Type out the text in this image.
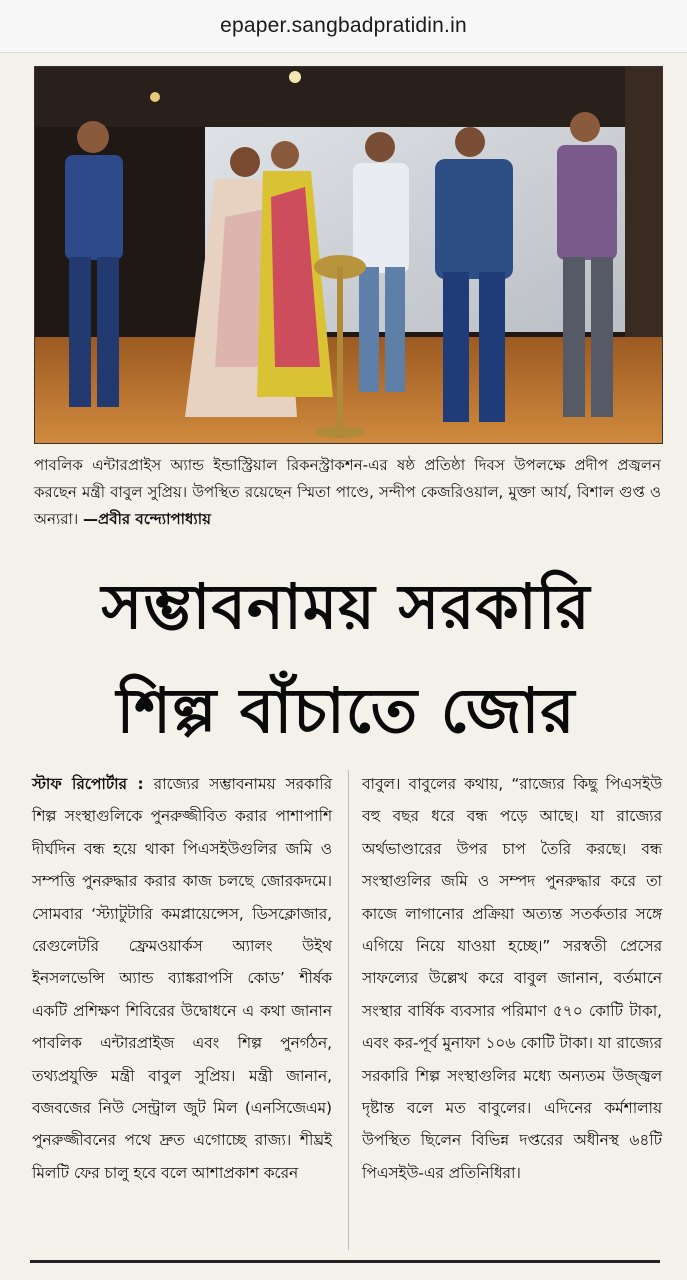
epaper.sangbadpratidin.in
পাবলিক এন্টারপ্রাইস অ্যান্ড ইন্ডাস্ট্রিয়াল রিকনস্ট্রাকশন-এর ষষ্ঠ প্রতিষ্ঠা দিবস উপলক্ষে প্রদীপ প্রজ্বলন করছেন মন্ত্রী বাবুল সুপ্রিয়। উপস্থিত রয়েছেন স্মিতা পাণ্ডে, সন্দীপ কেজরিওয়াল, মুক্তা আর্য, বিশাল গুপ্ত ও অন্যরা। —প্রবীর বন্দ্যোপাধ্যায়
সম্ভাবনাময় সরকারি
শিল্প বাঁচাতে জোর
স্টাফ রিপোর্টার : রাজ্যের সম্ভাবনাময় সরকারি শিল্প সংস্থাগুলিকে পুনরুজ্জীবিত করার পাশাপাশি দীর্ঘদিন বন্ধ হয়ে থাকা পিএসইউগুলির জমি ও সম্পত্তি পুনরুদ্ধার করার কাজ চলছে জোরকদমে। সোমবার ‘স্ট্যাটুটারি কমপ্লায়েন্সেস, ডিসক্লোজার, রেগুলেটরি ফ্রেমওয়ার্কস অ্যালং উইথ ইনসলভেন্সি অ্যান্ড ব্যাঙ্করাপসি কোড’ শীর্ষক একটি প্রশিক্ষণ শিবিরের উদ্বোধনে এ কথা জানান পাবলিক এন্টারপ্রাইজ এবং শিল্প পুনর্গঠন, তথ্যপ্রযুক্তি মন্ত্রী বাবুল সুপ্রিয়। মন্ত্রী জানান, বজবজের নিউ সেন্ট্রাল জুট মিল (এনসিজেএম) পুনরুজ্জীবনের পথে দ্রুত এগোচ্ছে রাজ্য। শীঘ্রই মিলটি ফের চালু হবে বলে আশাপ্রকাশ করেন
বাবুল। বাবুলের কথায়, “রাজ্যের কিছু পিএসইউ বহু বছর ধরে বন্ধ পড়ে আছে। যা রাজ্যের অর্থভাণ্ডারের উপর চাপ তৈরি করছে। বন্ধ সংস্থাগুলির জমি ও সম্পদ পুনরুদ্ধার করে তা কাজে লাগানোর প্রক্রিয়া অত্যন্ত সতর্কতার সঙ্গে এগিয়ে নিয়ে যাওয়া হচ্ছে।” সরস্বতী প্রেসের সাফল্যের উল্লেখ করে বাবুল জানান, বর্তমানে সংস্থার বার্ষিক ব্যবসার পরিমাণ ৫৭০ কোটি টাকা, এবং কর-পূর্ব মুনাফা ১০৬ কোটি টাকা। যা রাজ্যের সরকারি শিল্প সংস্থাগুলির মধ্যে অন্যতম উজ্জ্বল দৃষ্টান্ত বলে মত বাবুলের। এদিনের কর্মশালায় উপস্থিত ছিলেন বিভিন্ন দপ্তরের অধীনস্থ ৬৪টি পিএসইউ-এর প্রতিনিধিরা।
